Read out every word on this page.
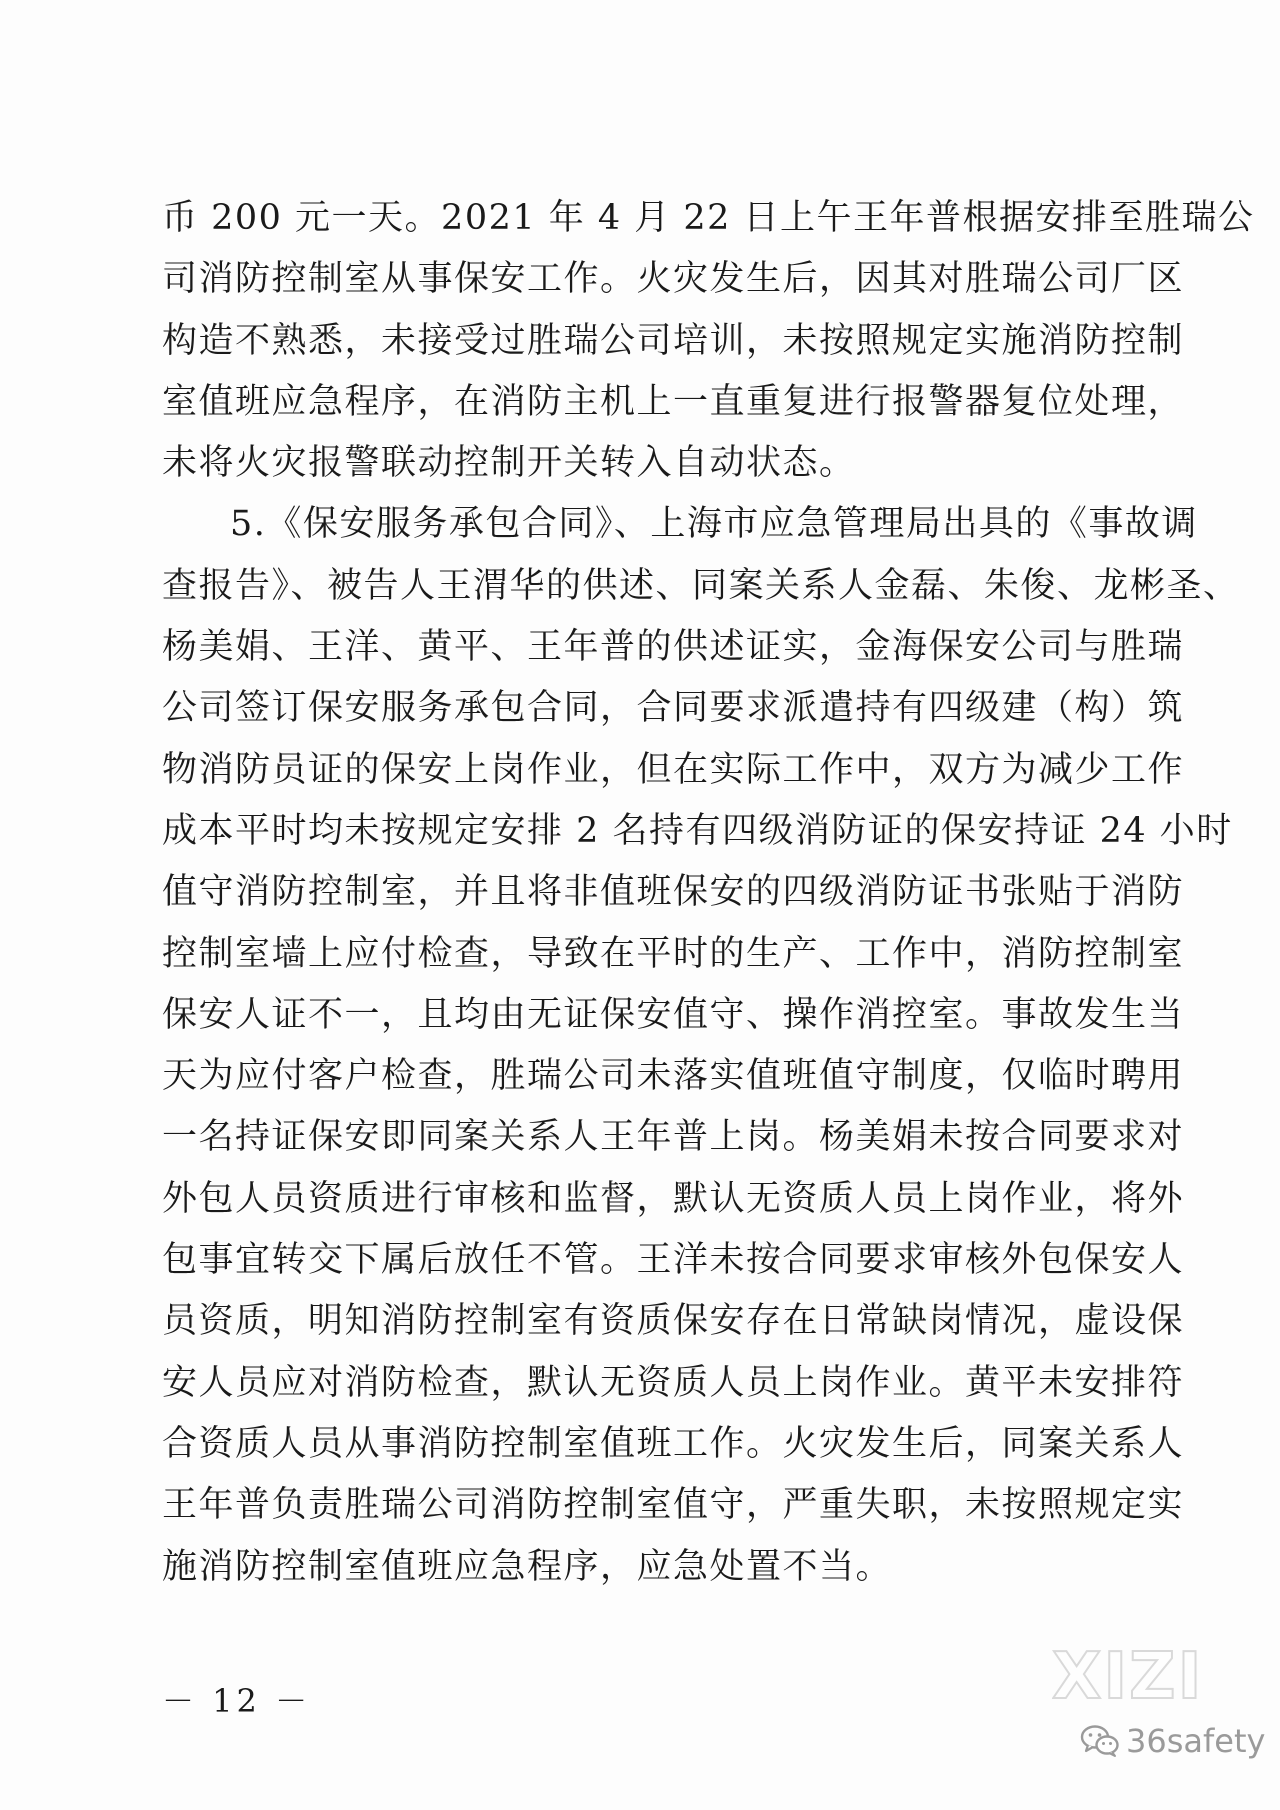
币 200 元一天。2021 年 4 月 22 日上午王年普根据安排至胜瑞公
司消防控制室从事保安工作。火灾发生后，因其对胜瑞公司厂区
构造不熟悉，未接受过胜瑞公司培训，未按照规定实施消防控制
室值班应急程序，在消防主机上一直重复进行报警器复位处理，
未将火灾报警联动控制开关转入自动状态。
5.《保安服务承包合同》、上海市应急管理局出具的《事故调
查报告》、被告人王渭华的供述、同案关系人金磊、朱俊、龙彬圣、
杨美娟、王洋、黄平、王年普的供述证实，金海保安公司与胜瑞
公司签订保安服务承包合同，合同要求派遣持有四级建（构）筑
物消防员证的保安上岗作业，但在实际工作中，双方为减少工作
成本平时均未按规定安排 2 名持有四级消防证的保安持证 24 小时
值守消防控制室，并且将非值班保安的四级消防证书张贴于消防
控制室墙上应付检查，导致在平时的生产、工作中，消防控制室
保安人证不一，且均由无证保安值守、操作消控室。事故发生当
天为应付客户检查，胜瑞公司未落实值班值守制度，仅临时聘用
一名持证保安即同案关系人王年普上岗。杨美娟未按合同要求对
外包人员资质进行审核和监督，默认无资质人员上岗作业，将外
包事宜转交下属后放任不管。王洋未按合同要求审核外包保安人
员资质，明知消防控制室有资质保安存在日常缺岗情况，虚设保
安人员应对消防检查，默认无资质人员上岗作业。黄平未安排符
合资质人员从事消防控制室值班工作。火灾发生后，同案关系人
王年普负责胜瑞公司消防控制室值守，严重失职，未按照规定实
施消防控制室值班应急程序，应急处置不当。
－ 12 －	XIZI
36safety
